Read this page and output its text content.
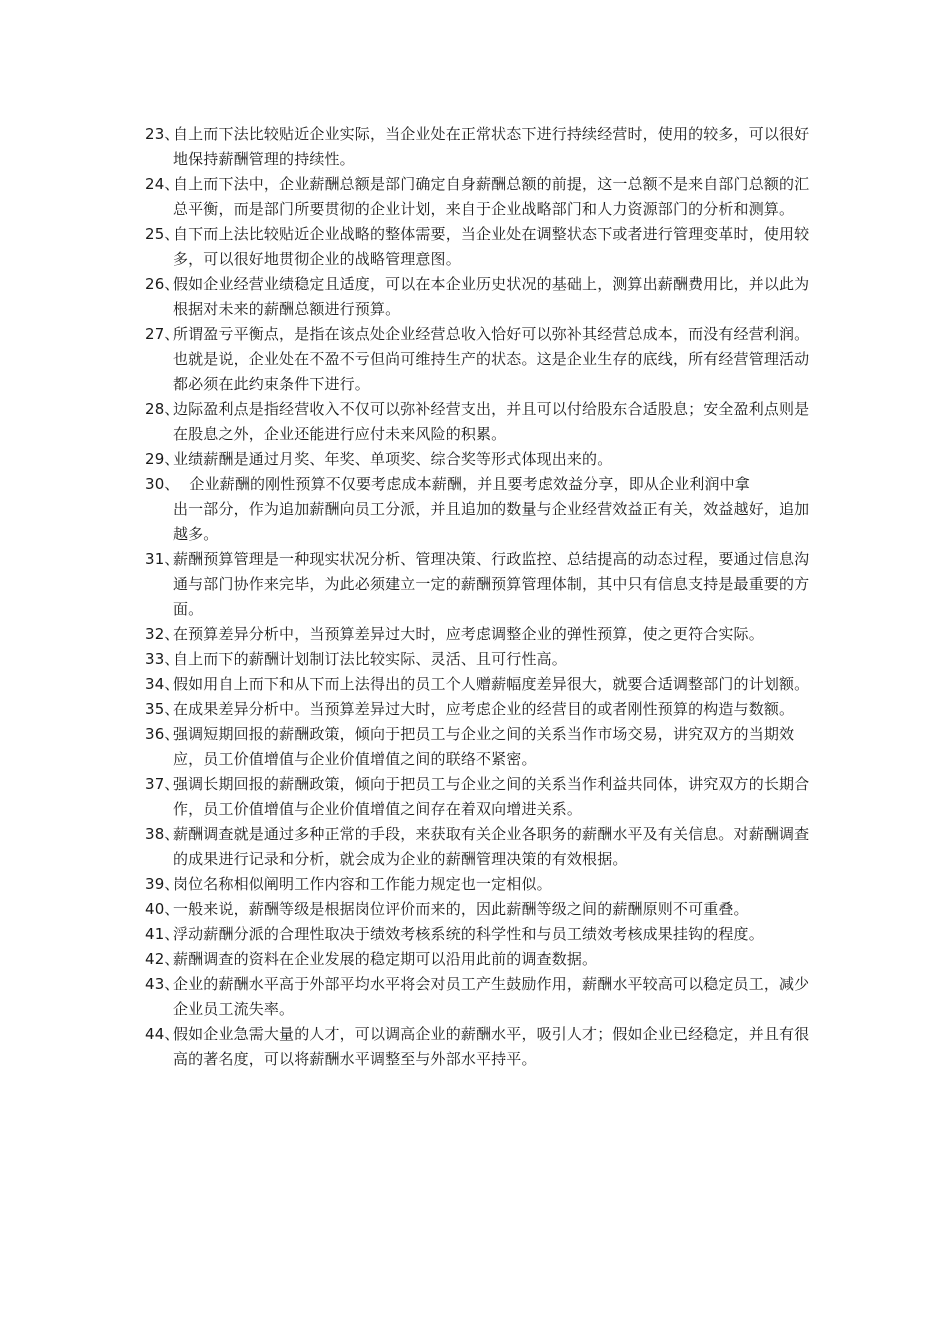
23、
自上而下法比较贴近企业实际，当企业处在正常状态下进行持续经营时，使用的较多，可以很好地保持薪酬管理的持续性。
24、
自上而下法中，企业薪酬总额是部门确定自身薪酬总额的前提，这一总额不是来自部门总额的汇总平衡，而是部门所要贯彻的企业计划，来自于企业战略部门和人力资源部门的分析和测算。
25、
自下而上法比较贴近企业战略的整体需要，当企业处在调整状态下或者进行管理变革时，使用较多，可以很好地贯彻企业的战略管理意图。
26、
假如企业经营业绩稳定且适度，可以在本企业历史状况的基础上，测算出薪酬费用比，并以此为根据对未来的薪酬总额进行预算。
27、
所谓盈亏平衡点，是指在该点处企业经营总收入恰好可以弥补其经营总成本，而没有经营利润。也就是说，企业处在不盈不亏但尚可维持生产的状态。这是企业生存的底线，所有经营管理活动都必须在此约束条件下进行。
28、
边际盈利点是指经营收入不仅可以弥补经营支出，并且可以付给股东合适股息；安全盈利点则是在股息之外，企业还能进行应付未来风险的积累。
29、
业绩薪酬是通过月奖、年奖、单项奖、综合奖等形式体现出来的。
30、  企业薪酬的刚性预算不仅要考虑成本薪酬，并且要考虑效益分享，即从企业利润中拿
出一部分，作为追加薪酬向员工分派，并且追加的数量与企业经营效益正有关，效益越好，追加越多。
31、
薪酬预算管理是一种现实状况分析、管理决策、行政监控、总结提高的动态过程，要通过信息沟通与部门协作来完毕，为此必须建立一定的薪酬预算管理体制，其中只有信息支持是最重要的方面。
32、
在预算差异分析中，当预算差异过大时，应考虑调整企业的弹性预算，使之更符合实际。
33、
自上而下的薪酬计划制订法比较实际、灵活、且可行性高。
34、
假如用自上而下和从下而上法得出的员工个人赠薪幅度差异很大，就要合适调整部门的计划额。
35、
在成果差异分析中。当预算差异过大时，应考虑企业的经营目的或者刚性预算的构造与数额。
36、
强调短期回报的薪酬政策，倾向于把员工与企业之间的关系当作市场交易，讲究双方的当期效应，员工价值增值与企业价值增值之间的联络不紧密。
37、
强调长期回报的薪酬政策，倾向于把员工与企业之间的关系当作利益共同体，讲究双方的长期合作，员工价值增值与企业价值增值之间存在着双向增进关系。
38、
薪酬调查就是通过多种正常的手段，来获取有关企业各职务的薪酬水平及有关信息。对薪酬调查的成果进行记录和分析，就会成为企业的薪酬管理决策的有效根据。
39、
岗位名称相似阐明工作内容和工作能力规定也一定相似。
40、
一般来说，薪酬等级是根据岗位评价而来的，因此薪酬等级之间的薪酬原则不可重叠。
41、
浮动薪酬分派的合理性取决于绩效考核系统的科学性和与员工绩效考核成果挂钩的程度。
42、
薪酬调查的资料在企业发展的稳定期可以沿用此前的调查数据。
43、
企业的薪酬水平高于外部平均水平将会对员工产生鼓励作用，薪酬水平较高可以稳定员工，减少企业员工流失率。
44、
假如企业急需大量的人才，可以调高企业的薪酬水平，吸引人才；假如企业已经稳定，并且有很高的著名度，可以将薪酬水平调整至与外部水平持平。
